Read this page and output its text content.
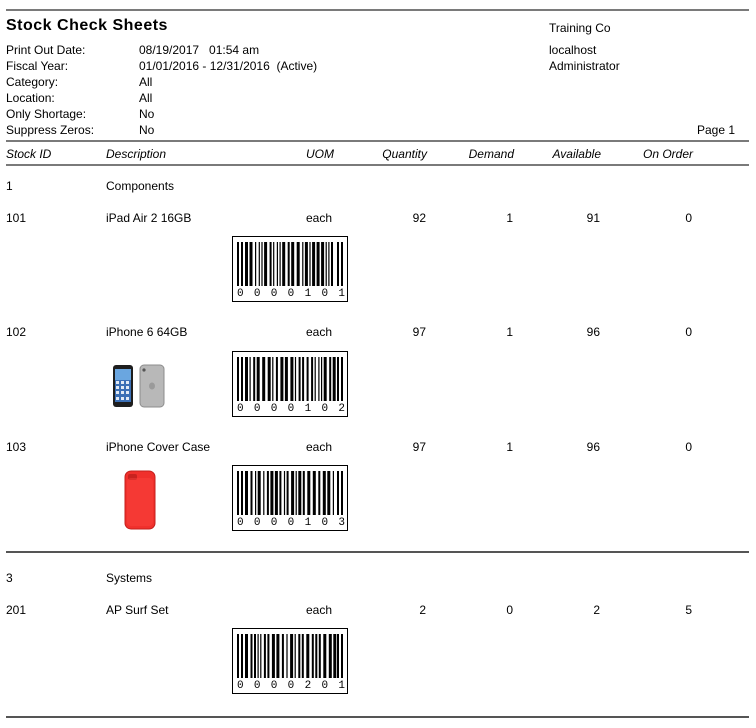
Stock Check Sheets	Training Co
localhost
Administrator
Page 1
Print Out Date:	08/19/2017   01:54 am
Fiscal Year:	01/01/2016 - 12/31/2016  (Active)
Category:	All
Location:	All
Only Shortage:	No
Suppress Zeros:	No
Stock ID	Description	UOM	Quantity	Demand	Available	On Order
1	Components
101	iPad Air 2 16GB	each	92	1	91	0
0 0 0 0 1 0 1
102	iPhone 6 64GB	each	97	1	96	0
0 0 0 0 1 0 2
103	iPhone Cover Case	each	97	1	96	0
0 0 0 0 1 0 3
3	Systems
201	AP Surf Set	each	2	0	2	5
0 0 0 0 2 0 1
